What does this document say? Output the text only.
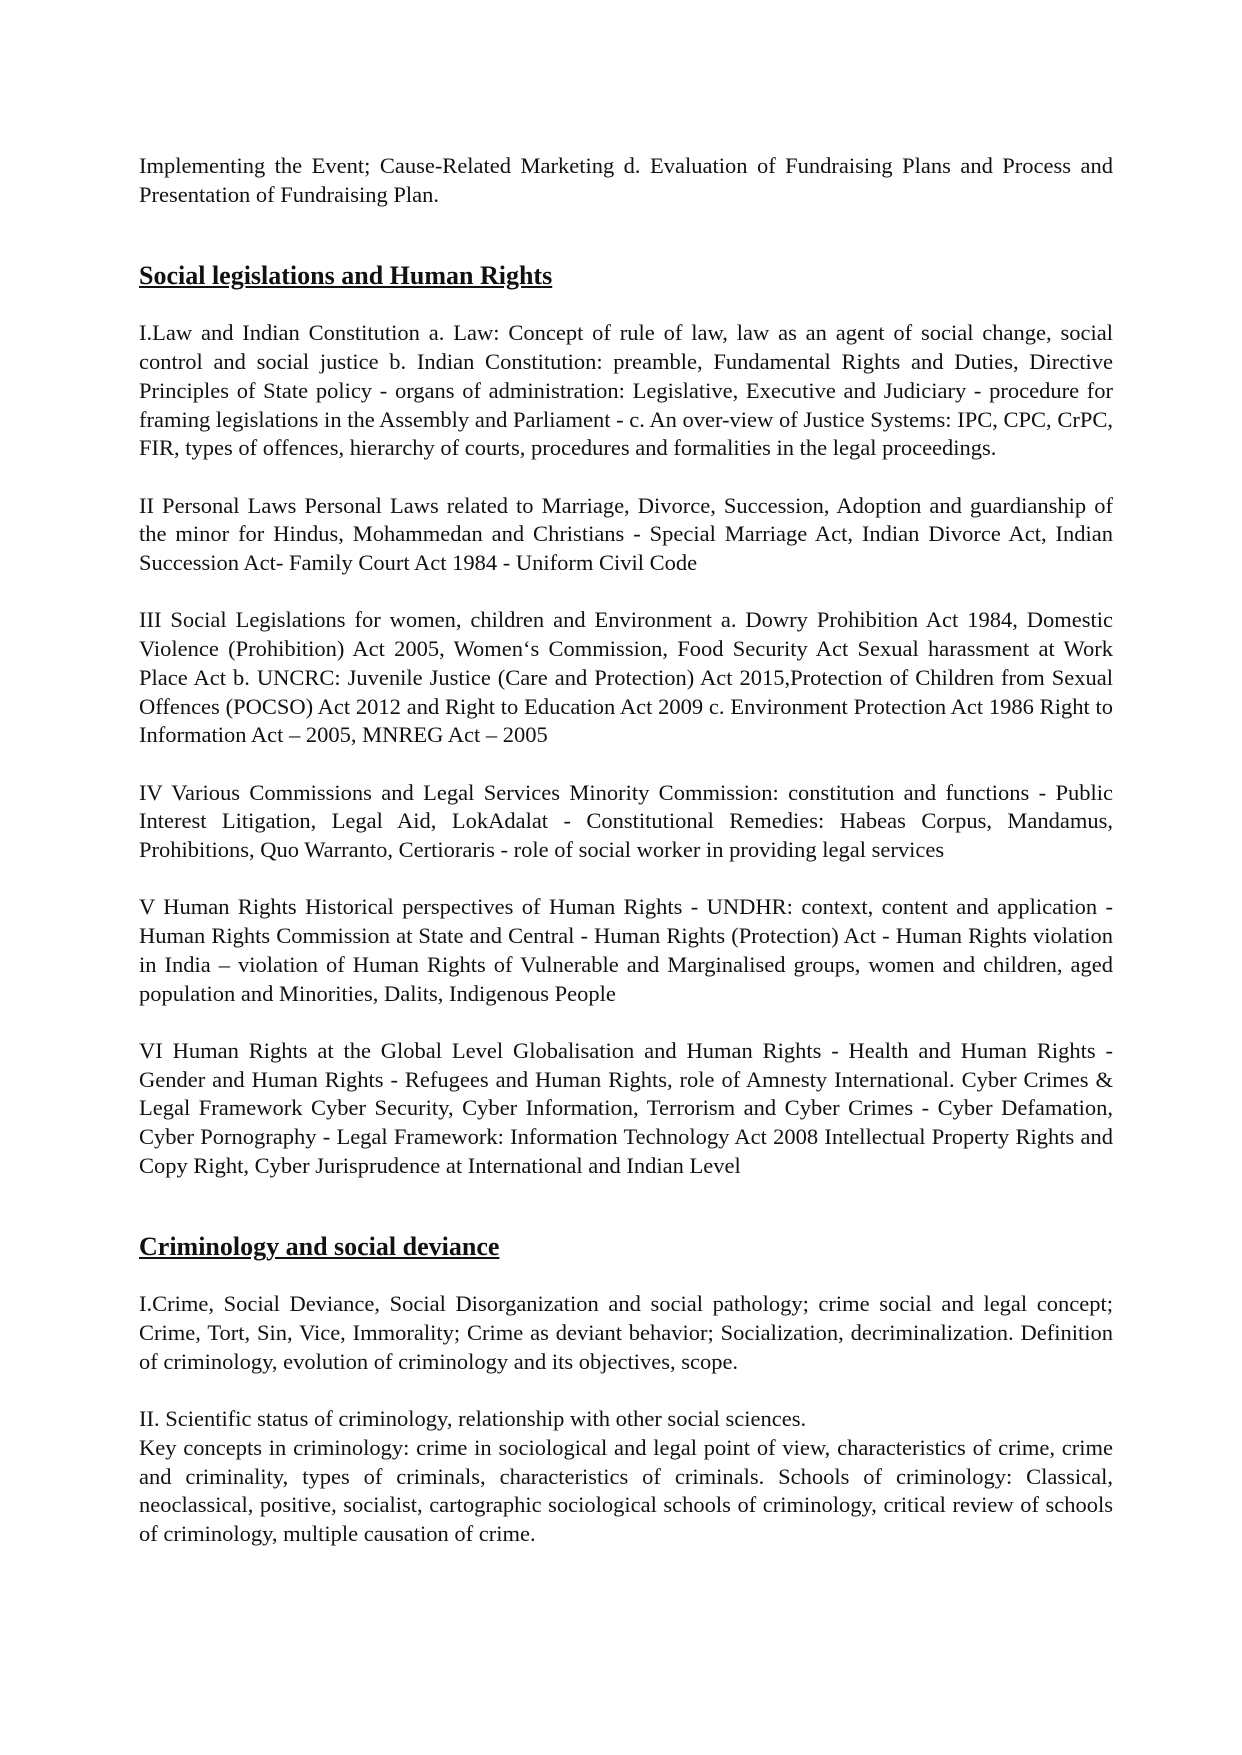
Implementing the Event; Cause-Related Marketing d. Evaluation of Fundraising Plans and Process and Presentation of Fundraising Plan.

Social legislations and Human Rights

I.Law and Indian Constitution a. Law: Concept of rule of law, law as an agent of social change, social control and social justice b. Indian Constitution: preamble, Fundamental Rights and Duties, Directive Principles of State policy - organs of administration: Legislative, Executive and Judiciary - procedure for framing legislations in the Assembly and Parliament - c. An over-view of Justice Systems: IPC, CPC, CrPC, FIR, types of offences, hierarchy of courts, procedures and formalities in the legal proceedings.

II Personal Laws Personal Laws related to Marriage, Divorce, Succession, Adoption and guardianship of the minor for Hindus, Mohammedan and Christians - Special Marriage Act, Indian Divorce Act, Indian Succession Act- Family Court Act 1984 - Uniform Civil Code

III Social Legislations for women, children and Environment a. Dowry Prohibition Act 1984, Domestic Violence (Prohibition) Act 2005, Women‘s Commission, Food Security Act Sexual harassment at Work Place Act b. UNCRC: Juvenile Justice (Care and Protection) Act 2015,Protection of Children from Sexual Offences (POCSO) Act 2012 and Right to Education Act 2009 c. Environment Protection Act 1986 Right to Information Act – 2005, MNREG Act – 2005

IV Various Commissions and Legal Services Minority Commission: constitution and functions - Public Interest Litigation, Legal Aid, LokAdalat - Constitutional Remedies: Habeas Corpus, Mandamus, Prohibitions, Quo Warranto, Certioraris - role of social worker in providing legal services

V Human Rights Historical perspectives of Human Rights - UNDHR: context, content and application - Human Rights Commission at State and Central - Human Rights (Protection) Act - Human Rights violation in India – violation of Human Rights of Vulnerable and Marginalised groups, women and children, aged population and Minorities, Dalits, Indigenous People

VI Human Rights at the Global Level Globalisation and Human Rights - Health and Human Rights - Gender and Human Rights - Refugees and Human Rights, role of Amnesty International. Cyber Crimes & Legal Framework Cyber Security, Cyber Information, Terrorism and Cyber Crimes - Cyber Defamation, Cyber Pornography - Legal Framework: Information Technology Act 2008 Intellectual Property Rights and Copy Right, Cyber Jurisprudence at International and Indian Level

Criminology and social deviance

I.Crime, Social Deviance, Social Disorganization and social pathology; crime social and legal concept; Crime, Tort, Sin, Vice, Immorality; Crime as deviant behavior; Socialization, decriminalization. Definition of criminology, evolution of criminology and its objectives, scope.

II. Scientific status of criminology, relationship with other social sciences.

Key concepts in criminology: crime in sociological and legal point of view, characteristics of crime, crime and criminality, types of criminals, characteristics of criminals. Schools of criminology: Classical, neoclassical, positive, socialist, cartographic sociological schools of criminology, critical review of schools of criminology, multiple causation of crime.
